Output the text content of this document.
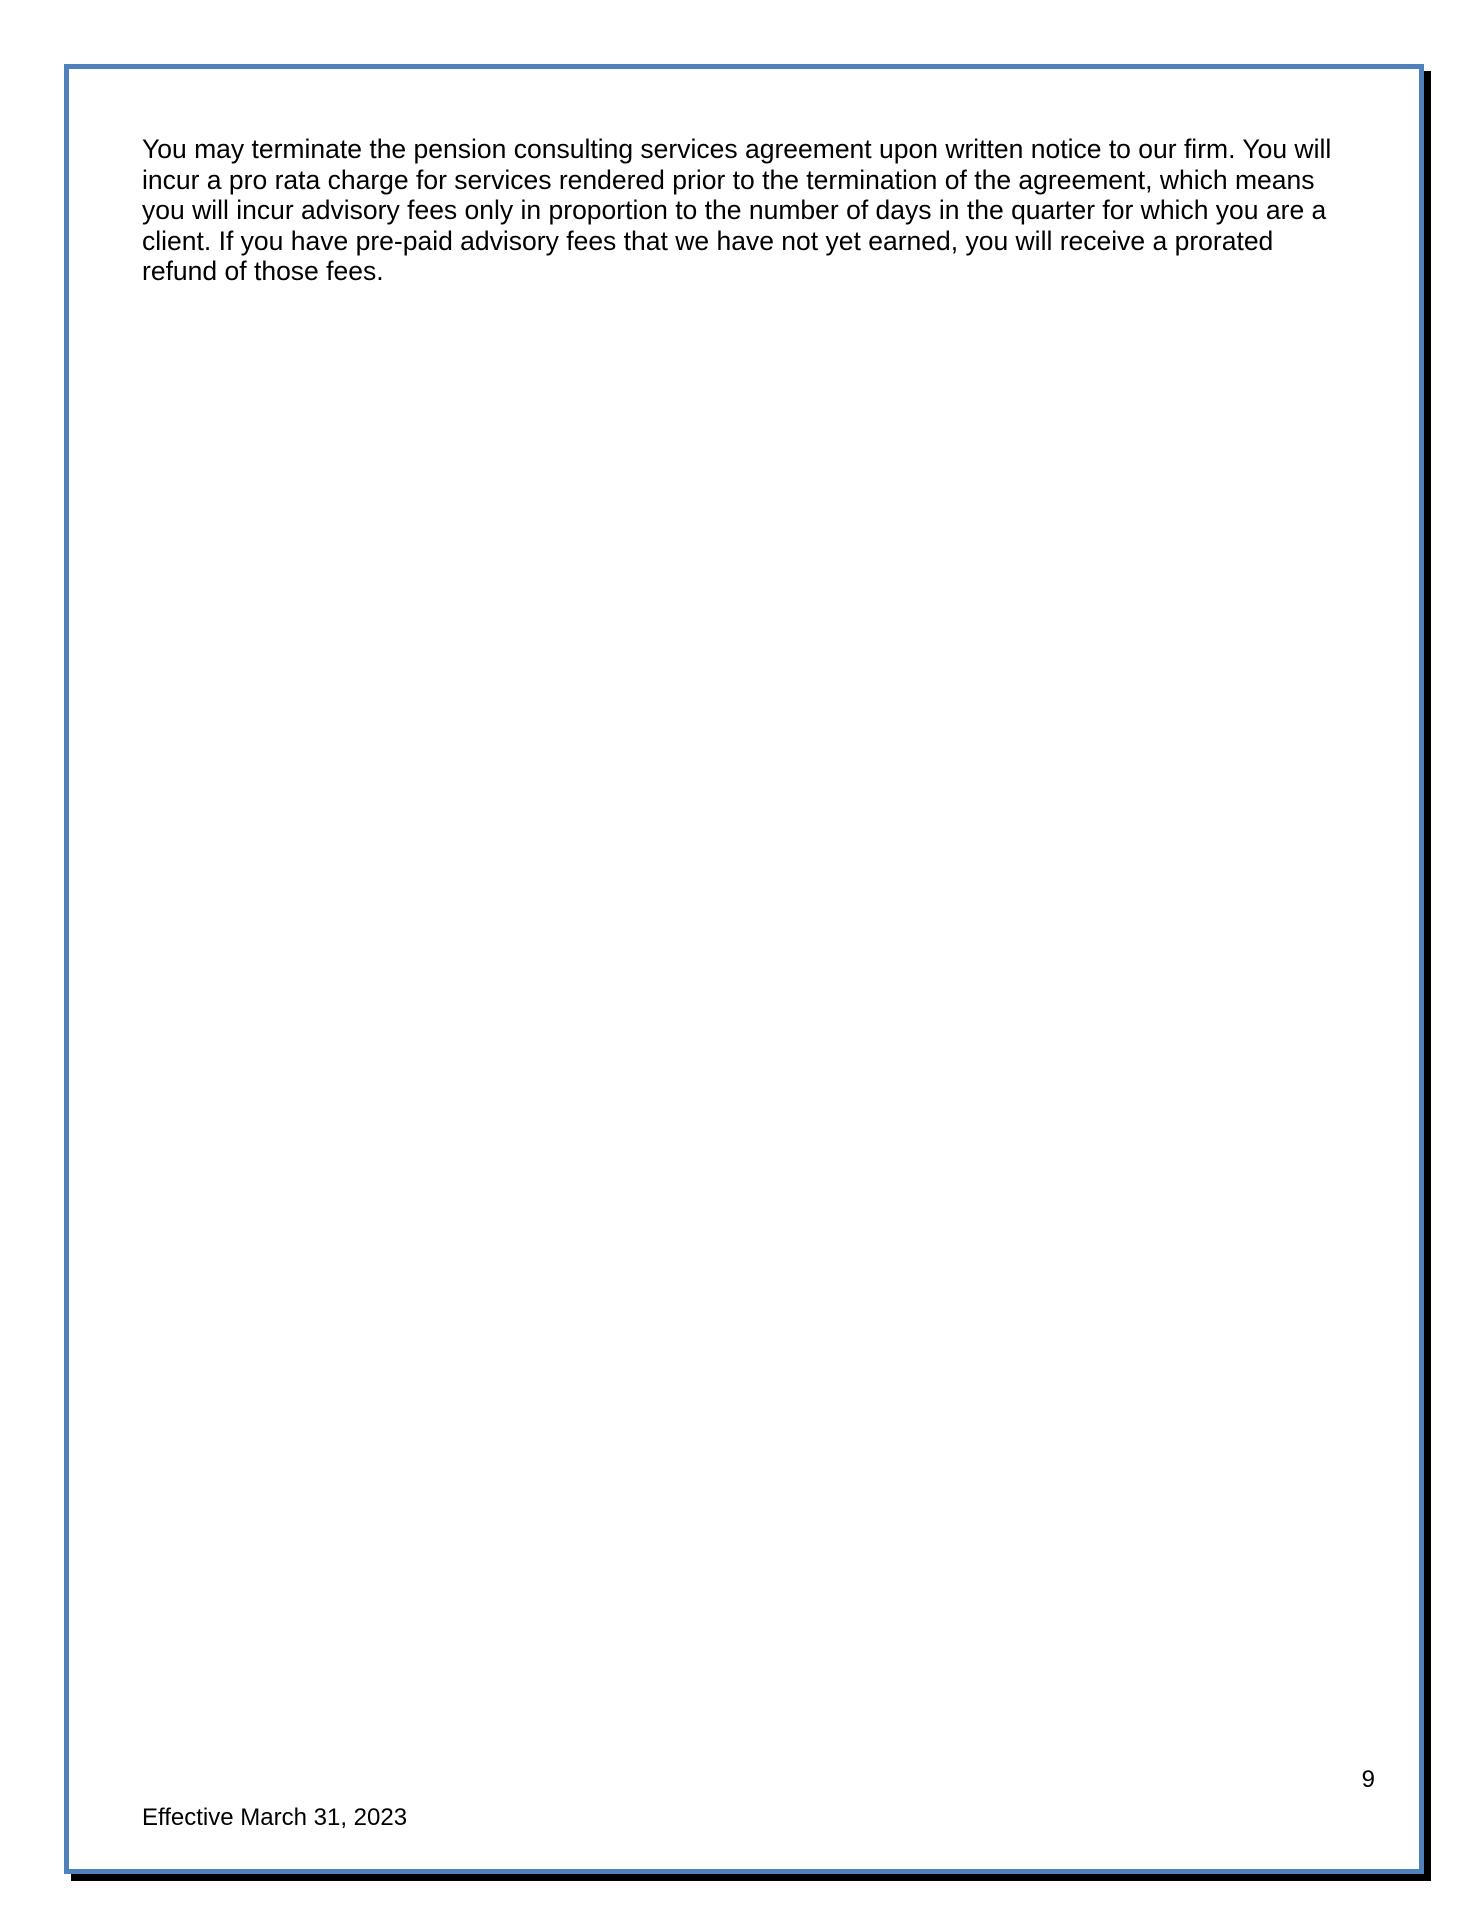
You may terminate the pension consulting services agreement upon written notice to our firm. You will
incur a pro rata charge for services rendered prior to the termination of the agreement, which means
you will incur advisory fees only in proportion to the number of days in the quarter for which you are a
client. If you have pre-paid advisory fees that we have not yet earned, you will receive a prorated
refund of those fees.

9
Effective March 31, 2023
